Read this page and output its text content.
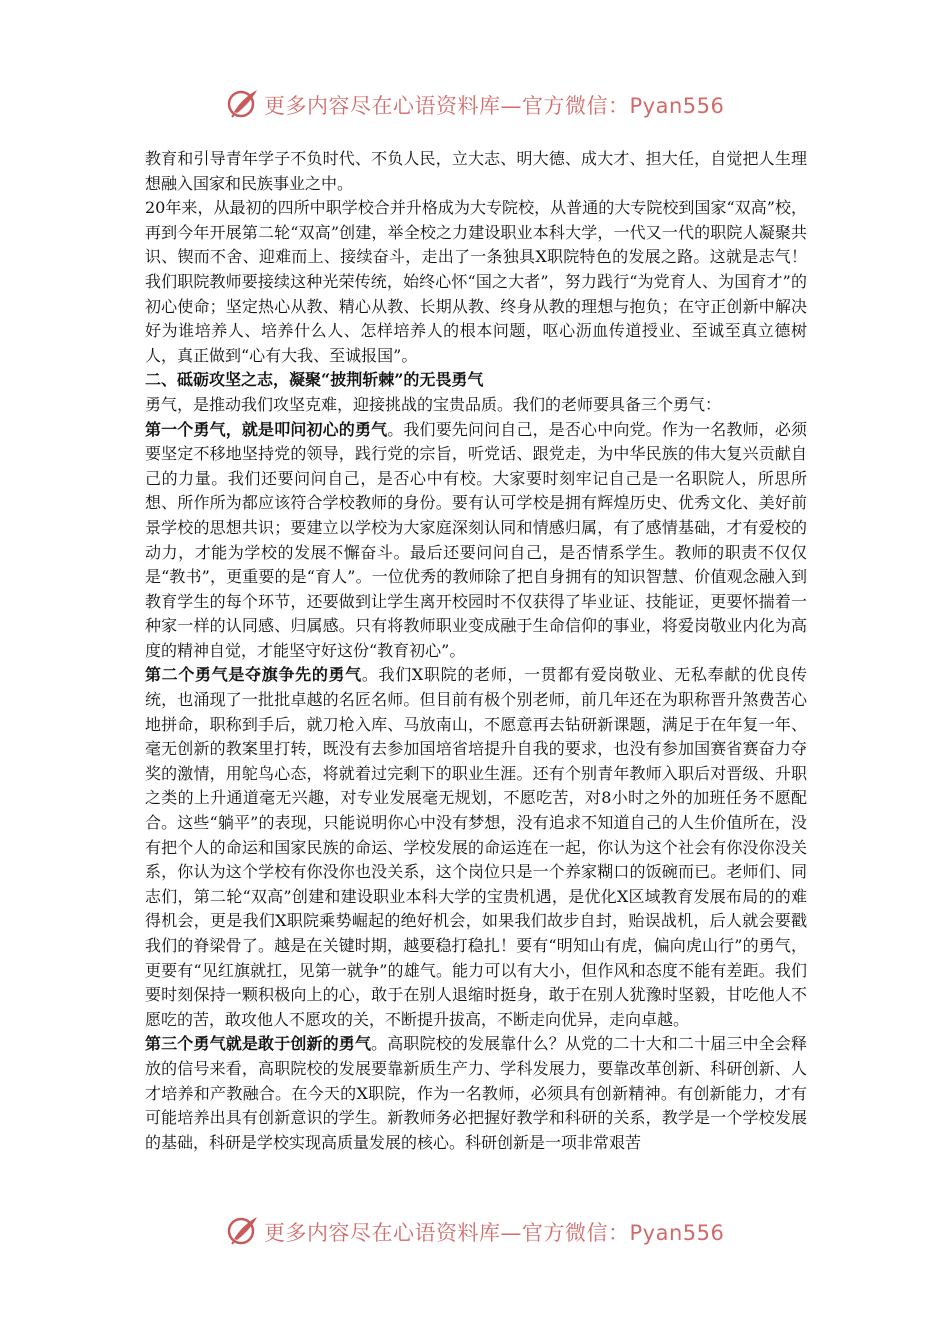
更多内容尽在心语资料库—官方微信：Pyan556

教育和引导青年学子不负时代、不负人民，立大志、明大德、成大才、担大任，自觉把人生理想融入国家和民族事业之中。

20年来，从最初的四所中职学校合并升格成为大专院校，从普通的大专院校到国家“双高”校，再到今年开展第二轮“双高”创建，举全校之力建设职业本科大学，一代又一代的职院人凝聚共识、锲而不舍、迎难而上、接续奋斗，走出了一条独具X职院特色的发展之路。这就是志气！我们职院教师要接续这种光荣传统，始终心怀“国之大者”，努力践行“为党育人、为国育才”的初心使命；坚定热心从教、精心从教、长期从教、终身从教的理想与抱负；在守正创新中解决好为谁培养人、培养什么人、怎样培养人的根本问题，呕心沥血传道授业、至诚至真立德树人，真正做到“心有大我、至诚报国”。

二、砥砺攻坚之志，凝聚“披荆斩棘”的无畏勇气

勇气，是推动我们攻坚克难，迎接挑战的宝贵品质。我们的老师要具备三个勇气：

第一个勇气，就是叩问初心的勇气。我们要先问问自己，是否心中向党。作为一名教师，必须要坚定不移地坚持党的领导，践行党的宗旨，听党话、跟党走，为中华民族的伟大复兴贡献自己的力量。我们还要问问自己，是否心中有校。大家要时刻牢记自己是一名职院人，所思所想、所作所为都应该符合学校教师的身份。要有认可学校是拥有辉煌历史、优秀文化、美好前景学校的思想共识；要建立以学校为大家庭深刻认同和情感归属，有了感情基础，才有爱校的动力，才能为学校的发展不懈奋斗。最后还要问问自己，是否情系学生。教师的职责不仅仅是“教书”，更重要的是“育人”。一位优秀的教师除了把自身拥有的知识智慧、价值观念融入到教育学生的每个环节，还要做到让学生离开校园时不仅获得了毕业证、技能证，更要怀揣着一种家一样的认同感、归属感。只有将教师职业变成融于生命信仰的事业，将爱岗敬业内化为高度的精神自觉，才能坚守好这份“教育初心”。

第二个勇气是夺旗争先的勇气。我们X职院的老师，一贯都有爱岗敬业、无私奉献的优良传统，也涌现了一批批卓越的名匠名师。但目前有极个别老师，前几年还在为职称晋升煞费苦心地拼命，职称到手后，就刀枪入库、马放南山，不愿意再去钻研新课题，满足于在年复一年、毫无创新的教案里打转，既没有去参加国培省培提升自我的要求，也没有参加国赛省赛奋力夺奖的激情，用鸵鸟心态，将就着过完剩下的职业生涯。还有个别青年教师入职后对晋级、升职之类的上升通道毫无兴趣，对专业发展毫无规划，不愿吃苦，对8小时之外的加班任务不愿配合。这些“躺平”的表现，只能说明你心中没有梦想，没有追求不知道自己的人生价值所在，没有把个人的命运和国家民族的命运、学校发展的命运连在一起，你认为这个社会有你没你没关系，你认为这个学校有你没你也没关系，这个岗位只是一个养家糊口的饭碗而已。老师们、同志们，第二轮“双高”创建和建设职业本科大学的宝贵机遇，是优化X区域教育发展布局的的难得机会，更是我们X职院乘势崛起的绝好机会，如果我们故步自封，贻误战机，后人就会要戳我们的脊梁骨了。越是在关键时期，越要稳打稳扎！要有“明知山有虎，偏向虎山行”的勇气，更要有“见红旗就扛，见第一就争”的雄气。能力可以有大小，但作风和态度不能有差距。我们要时刻保持一颗积极向上的心，敢于在别人退缩时挺身，敢于在别人犹豫时坚毅，甘吃他人不愿吃的苦，敢攻他人不愿攻的关，不断提升拔高，不断走向优异，走向卓越。

第三个勇气就是敢于创新的勇气。高职院校的发展靠什么？从党的二十大和二十届三中全会释放的信号来看，高职院校的发展要靠新质生产力、学科发展力，要靠改革创新、科研创新、人才培养和产教融合。在今天的X职院，作为一名教师，必须具有创新精神。有创新能力，才有可能培养出具有创新意识的学生。新教师务必把握好教学和科研的关系，教学是一个学校发展的基础，科研是学校实现高质量发展的核心。科研创新是一项非常艰苦

更多内容尽在心语资料库—官方微信：Pyan556
